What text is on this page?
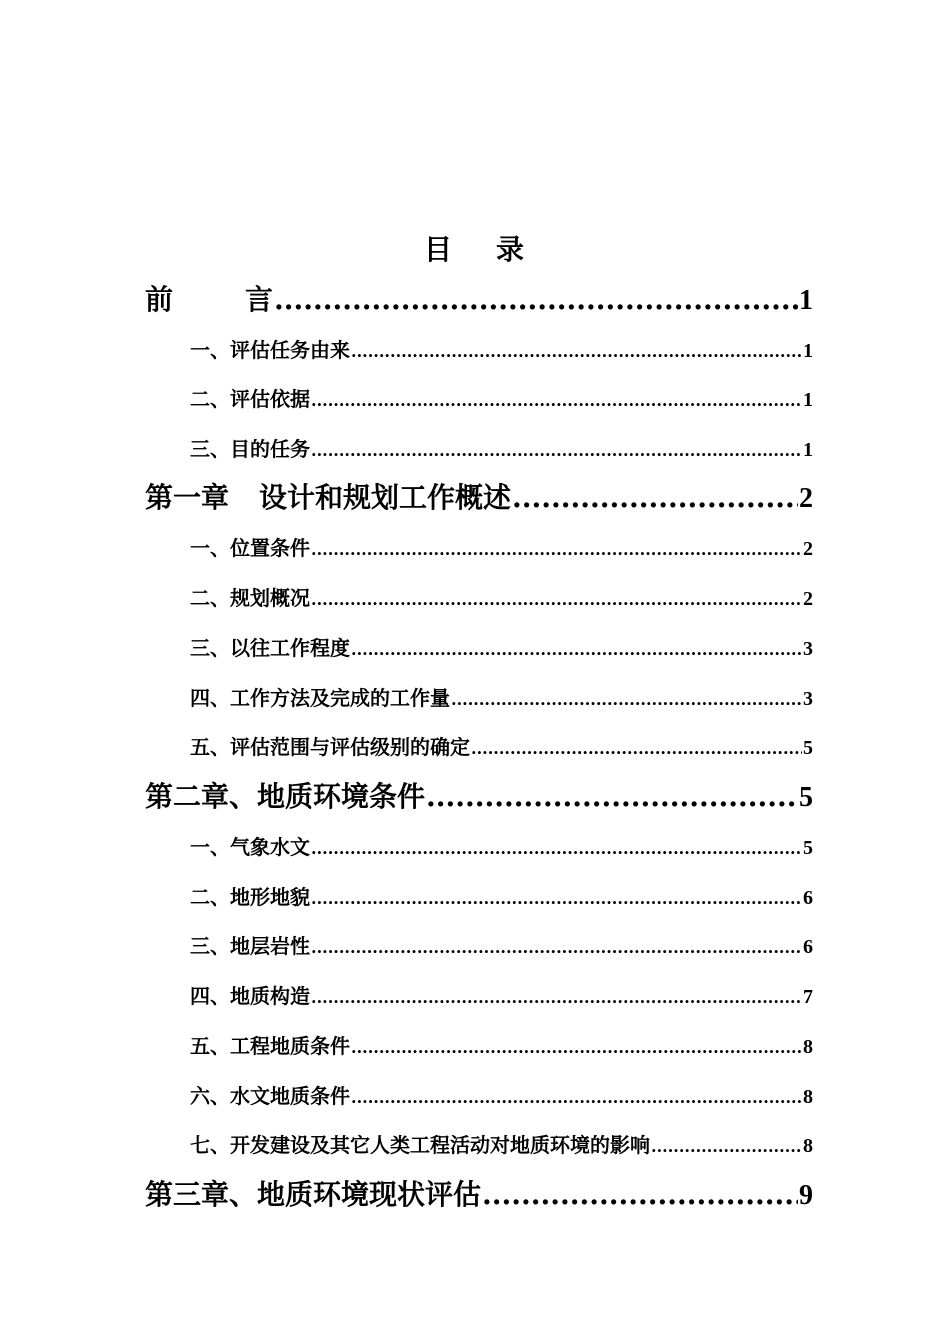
目 录
前	言 .....	1
一、评估任务由来 .....	1
二、评估依据 .....	1
三、目的任务 .....	1
第一章 设计和规划工作概述 .....	2
一、位置条件 .....	2
二、规划概况 .....	2
三、以往工作程度 .....	3
四、工作方法及完成的工作量 .....	3
五、评估范围与评估级别的确定 .....	5
第二章、地质环境条件 .....	5
一、气象水文 .....	5
二、地形地貌 .....	6
三、地层岩性 .....	6
四、地质构造 .....	7
五、工程地质条件 .....	8
六、水文地质条件 .....	8
七、开发建设及其它人类工程活动对地质环境的影响 .....	8
第三章、地质环境现状评估 .....	9
